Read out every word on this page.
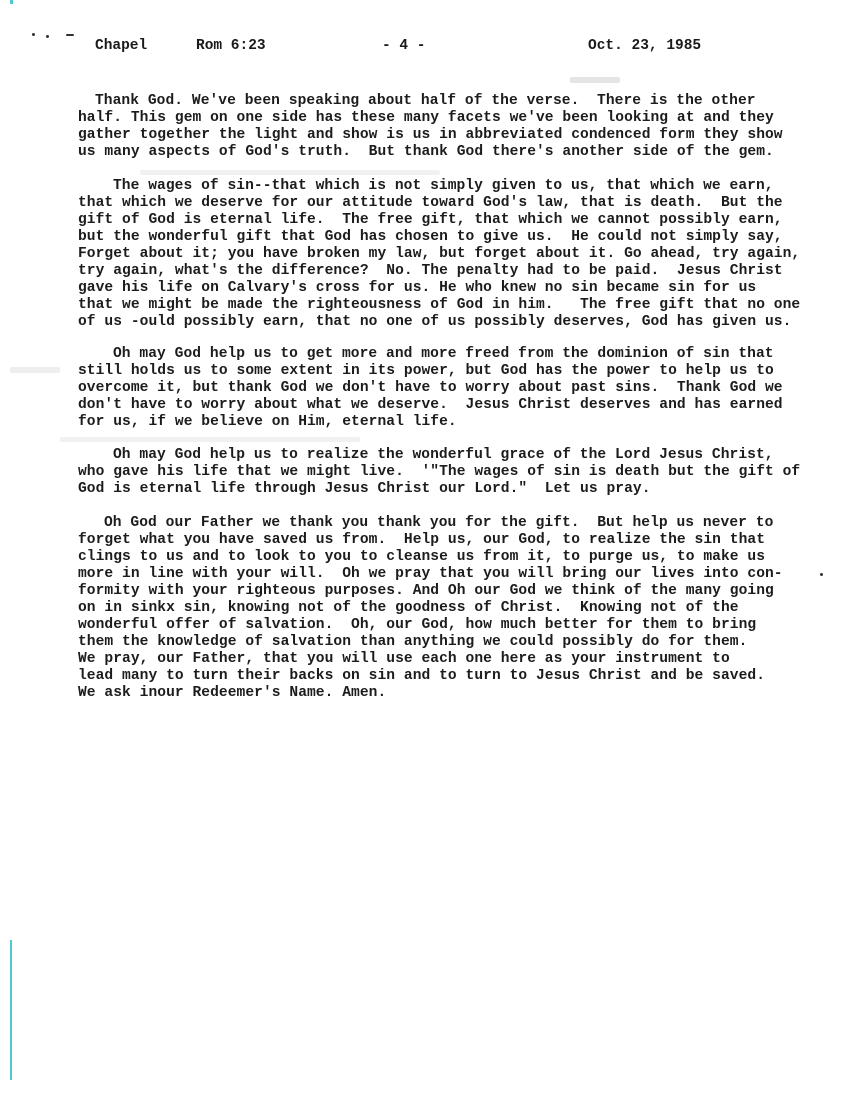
Chapel	Rom 6:23	- 4 -	Oct. 23, 1985
Thank God. We've been speaking about half of the verse.  There is the other
half. This gem on one side has these many facets we've been looking at and they
gather together the light and show is us in abbreviated condenced form they show
us many aspects of God's truth.  But thank God there's another side of the gem.
The wages of sin--that which is not simply given to us, that which we earn,
that which we deserve for our attitude toward God's law, that is death.  But the
gift of God is eternal life.  The free gift, that which we cannot possibly earn,
but the wonderful gift that God has chosen to give us.  He could not simply say,
Forget about it; you have broken my law, but forget about it. Go ahead, try again,
try again, what's the difference?  No. The penalty had to be paid.  Jesus Christ
gave his life on Calvary's cross for us. He who knew no sin became sin for us
that we might be made the righteousness of God in him.   The free gift that no one
of us -ould possibly earn, that no one of us possibly deserves, God has given us.
Oh may God help us to get more and more freed from the dominion of sin that
still holds us to some extent in its power, but God has the power to help us to
overcome it, but thank God we don't have to worry about past sins.  Thank God we
don't have to worry about what we deserve.  Jesus Christ deserves and has earned
for us, if we believe on Him, eternal life.
Oh may God help us to realize the wonderful grace of the Lord Jesus Christ,
who gave his life that we might live.  '"The wages of sin is death but the gift of
God is eternal life through Jesus Christ our Lord."  Let us pray.
Oh God our Father we thank you thank you for the gift.  But help us never to
forget what you have saved us from.  Help us, our God, to realize the sin that
clings to us and to look to you to cleanse us from it, to purge us, to make us
more in line with your will.  Oh we pray that you will bring our lives into con-
formity with your righteous purposes. And Oh our God we think of the many going
on in sinkx sin, knowing not of the goodness of Christ.  Knowing not of the
wonderful offer of salvation.  Oh, our God, how much better for them to bring
them the knowledge of salvation than anything we could possibly do for them.
We pray, our Father, that you will use each one here as your instrument to
lead many to turn their backs on sin and to turn to Jesus Christ and be saved.
We ask inour Redeemer's Name. Amen.
